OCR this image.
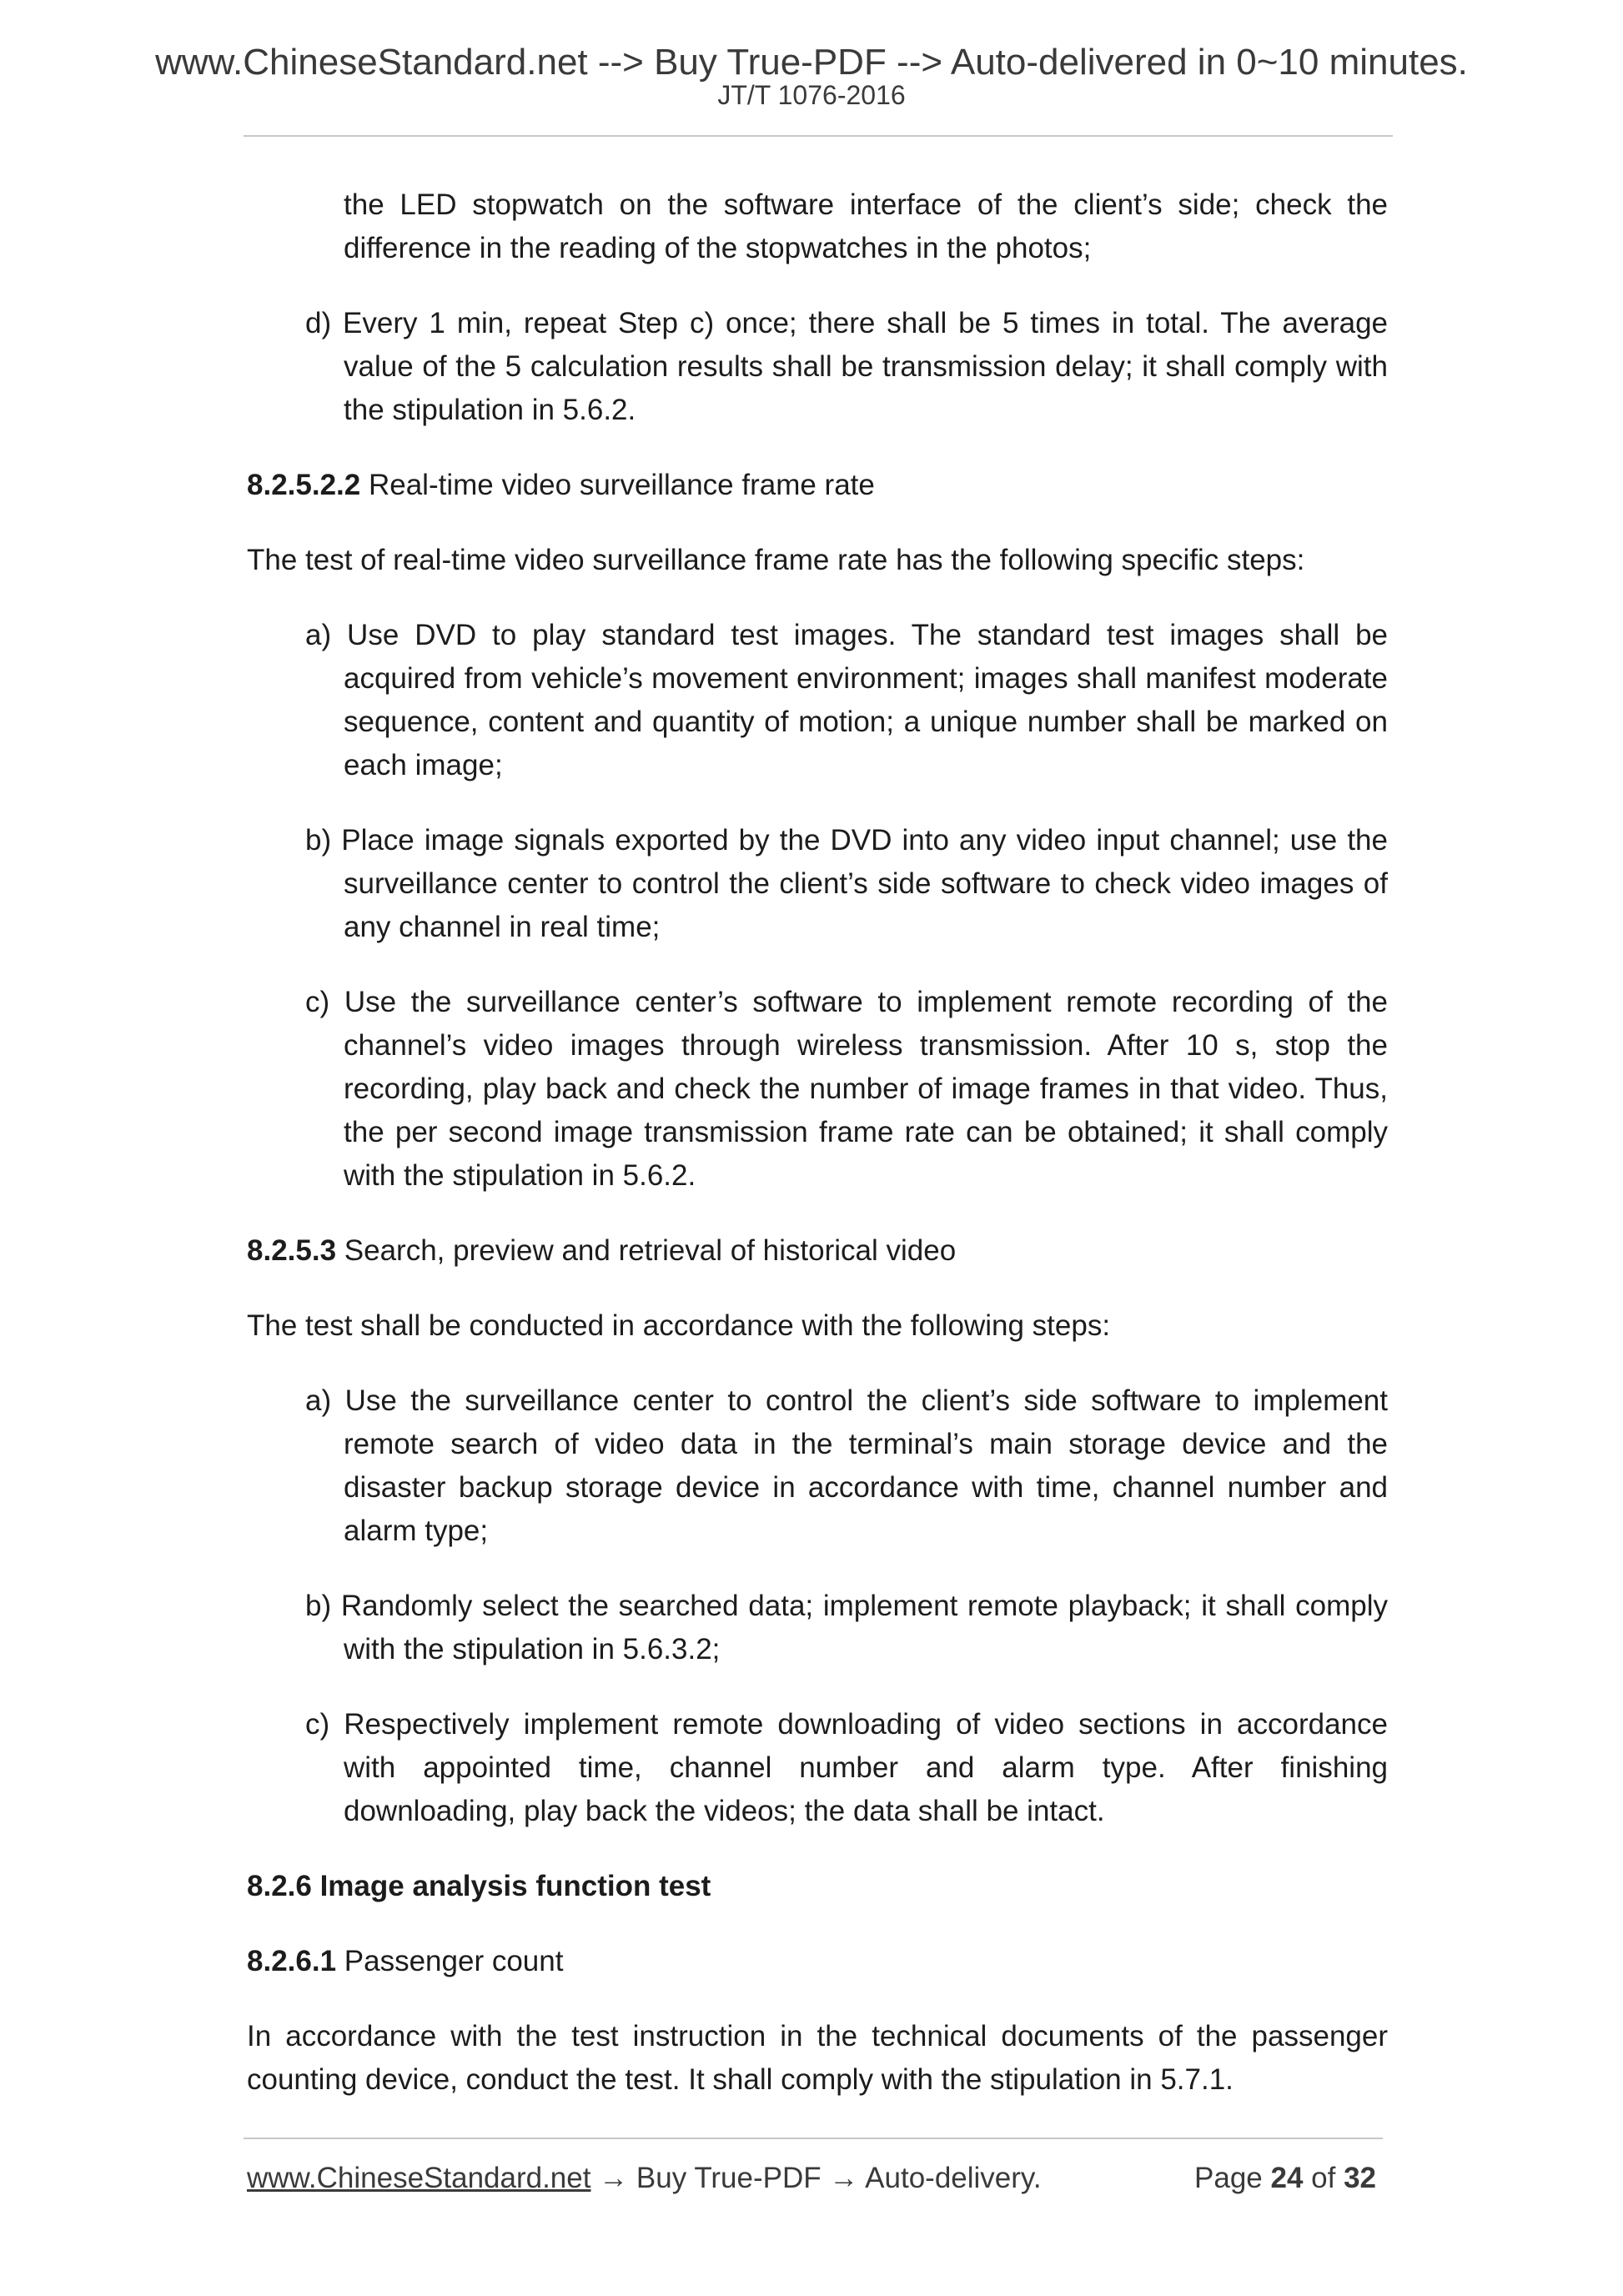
www.ChineseStandard.net --> Buy True-PDF --> Auto-delivered in 0~10 minutes.
JT/T 1076-2016

the LED stopwatch on the software interface of the client’s side; check the difference in the reading of the stopwatches in the photos;

d) Every 1 min, repeat Step c) once; there shall be 5 times in total. The average value of the 5 calculation results shall be transmission delay; it shall comply with the stipulation in 5.6.2.

8.2.5.2.2 Real-time video surveillance frame rate

The test of real-time video surveillance frame rate has the following specific steps:

a) Use DVD to play standard test images. The standard test images shall be acquired from vehicle’s movement environment; images shall manifest moderate sequence, content and quantity of motion; a unique number shall be marked on each image;

b) Place image signals exported by the DVD into any video input channel; use the surveillance center to control the client’s side software to check video images of any channel in real time;

c) Use the surveillance center’s software to implement remote recording of the channel’s video images through wireless transmission. After 10 s, stop the recording, play back and check the number of image frames in that video. Thus, the per second image transmission frame rate can be obtained; it shall comply with the stipulation in 5.6.2.

8.2.5.3 Search, preview and retrieval of historical video

The test shall be conducted in accordance with the following steps:

a) Use the surveillance center to control the client’s side software to implement remote search of video data in the terminal’s main storage device and the disaster backup storage device in accordance with time, channel number and alarm type;

b) Randomly select the searched data; implement remote playback; it shall comply with the stipulation in 5.6.3.2;

c) Respectively implement remote downloading of video sections in accordance with appointed time, channel number and alarm type. After finishing downloading, play back the videos; the data shall be intact.

8.2.6 Image analysis function test

8.2.6.1 Passenger count

In accordance with the test instruction in the technical documents of the passenger counting device, conduct the test. It shall comply with the stipulation in 5.7.1.

www.ChineseStandard.net → Buy True-PDF → Auto-delivery.	Page 24 of 32
